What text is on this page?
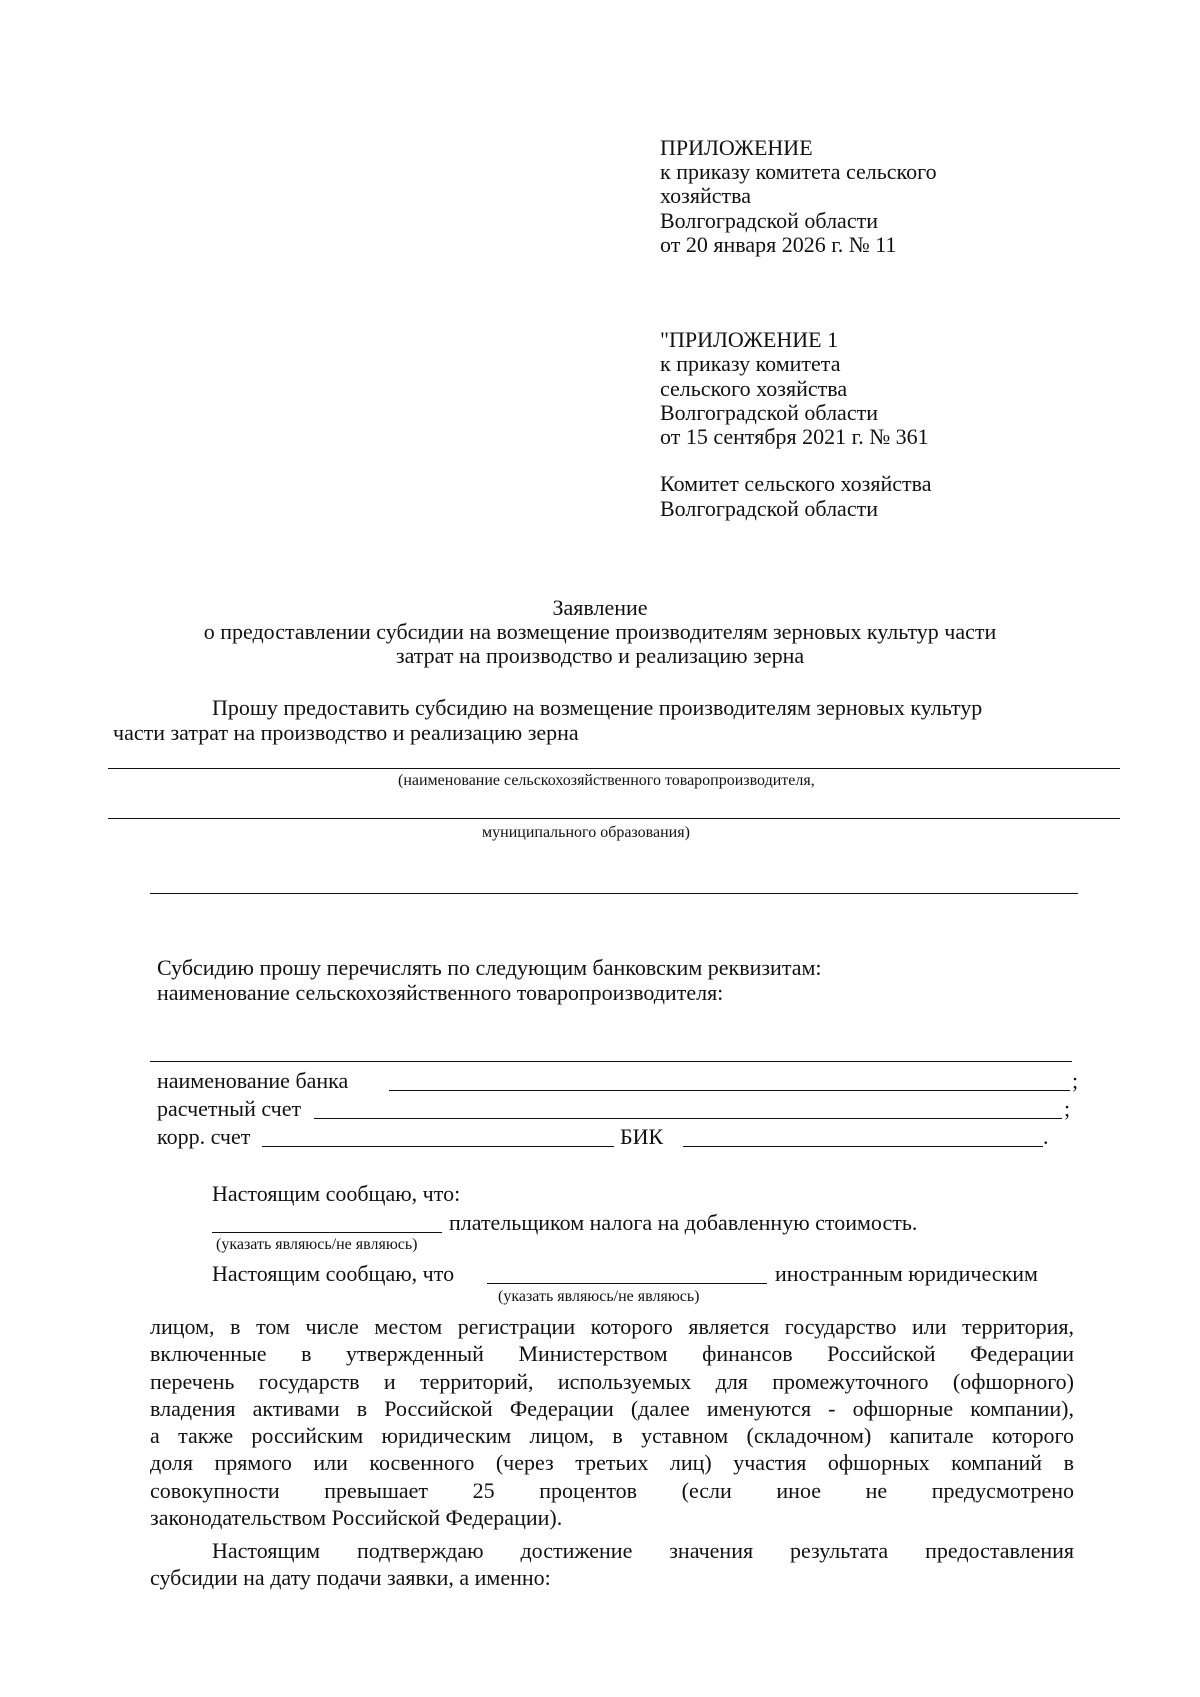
ПРИЛОЖЕНИЕ
к приказу комитета сельского
хозяйства
Волгоградской области
от 20 января 2026 г. № 11
"ПРИЛОЖЕНИЕ 1
к приказу комитета
сельского хозяйства
Волгоградской области
от 15 сентября 2021 г. № 361
Комитет сельского хозяйства
Волгоградской области
Заявление
о предоставлении субсидии на возмещение производителям зерновых культур части
затрат на производство и реализацию зерна
Прошу предоставить субсидию на возмещение производителям зерновых культур
части затрат на производство и реализацию зерна
(наименование сельскохозяйственного товаропроизводителя,
муниципального образования)
Субсидию прошу перечислять по следующим банковским реквизитам:
наименование сельскохозяйственного товаропроизводителя:
наименование банка	;
расчетный счет	;
корр. счет	БИК	.
Настоящим сообщаю, что:
плательщиком налога на добавленную стоимость.
(указать являюсь/не являюсь)
Настоящим сообщаю, что	иностранным юридическим
(указать являюсь/не являюсь)
лицом, в том числе местом регистрации которого является государство или территория,
включенные в утвержденный Министерством финансов Российской Федерации
перечень государств и территорий, используемых для промежуточного (офшорного)
владения активами в Российской Федерации (далее именуются - офшорные компании),
а также российским юридическим лицом, в уставном (складочном) капитале которого
доля прямого или косвенного (через третьих лиц) участия офшорных компаний в
совокупности превышает 25 процентов (если иное не предусмотрено
законодательством Российской Федерации).
Настоящим подтверждаю достижение значения результата предоставления
субсидии на дату подачи заявки, а именно:
